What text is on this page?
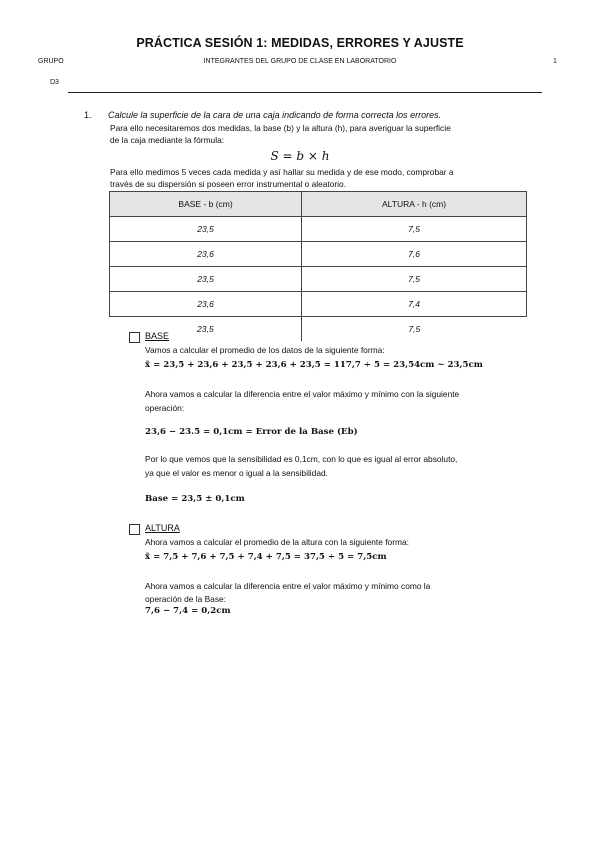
PRÁCTICA SESIÓN 1: MEDIDAS, ERRORES Y AJUSTE
GRUPO	INTEGRANTES DEL GRUPO DE CLASE EN LABORATORIO	1
D3
1. Calcule la superficie de la cara de una caja indicando de forma correcta los errores.
Para ello necesitaremos dos medidas, la base (b) y la altura (h), para averiguar la superficie
de la caja mediante la fórmula:
S = b × h
Para ello medimos 5 veces cada medida y así hallar su medida y de ese modo, comprobar a
través de su dispersión si poseen error instrumental o aleatorio.
BASE - b (cm)	ALTURA - h (cm)
23,5	7,5
23,6	7,6
23,5	7,5
23,6	7,4
23,5	7,5
BASE
Vamos a calcular el promedio de los datos de la siguiente forma:
x̄ = 23,5 + 23,6 + 23,5 + 23,6 + 23,5 = 117,7 ÷ 5 = 23,54cm ~ 23,5cm
Ahora vamos a calcular la diferencia entre el valor máximo y mínimo con la siguiente
operación:
23,6 − 23.5 = 0,1cm = Error de la Base (Eb)
Por lo que vemos que la sensibilidad es 0,1cm, con lo que es igual al error absoluto,
ya que el valor es menor o igual a la sensibilidad.
Base = 23,5 ± 0,1cm
ALTURA
Ahora vamos a calcular el promedio de la altura con la siguiente forma:
x̄ = 7,5 + 7,6 + 7,5 + 7,4 + 7,5 = 37,5 ÷ 5 = 7,5cm
Ahora vamos a calcular la diferencia entre el valor máximo y mínimo como la
operación de la Base:
7,6 − 7,4 = 0,2cm
